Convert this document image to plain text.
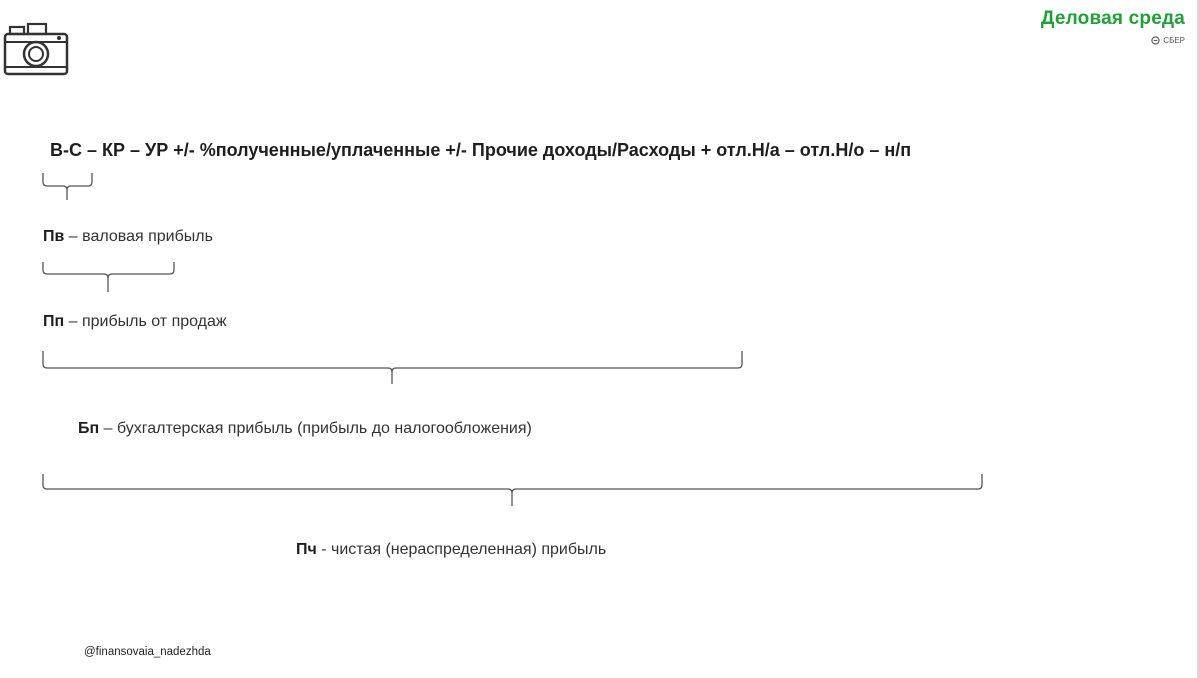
Деловая среда
СБЕР
В-С – КР – УР +/- %полученные/уплаченные +/- Прочие доходы/Расходы + отл.Н/а – отл.Н/о – н/п
Пв – валовая прибыль
Пп – прибыль от продаж
Бп – бухгалтерская прибыль (прибыль до налогообложения)
Пч - чистая (нераспределенная) прибыль
@finansovaia_nadezhda
